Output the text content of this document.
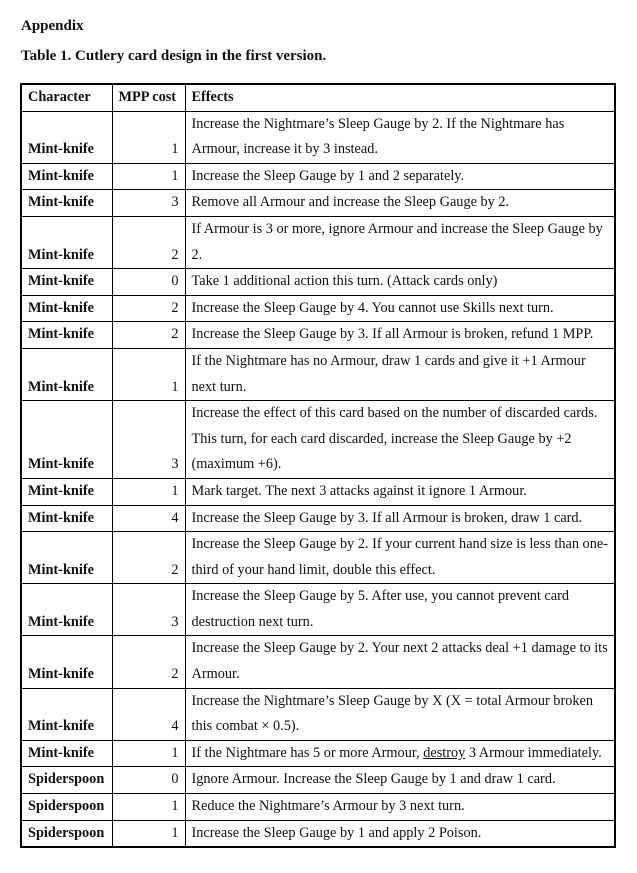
Appendix
Table 1. Cutlery card design in the first version.
Character	MPP cost	Effects
Mint-knife	1	Increase the Nightmare’s Sleep Gauge by 2. If the Nightmare has Armour, increase it by 3 instead.
Mint-knife	1	Increase the Sleep Gauge by 1 and 2 separately.
Mint-knife	3	Remove all Armour and increase the Sleep Gauge by 2.
Mint-knife	2	If Armour is 3 or more, ignore Armour and increase the Sleep Gauge by 2.
Mint-knife	0	Take 1 additional action this turn. (Attack cards only)
Mint-knife	2	Increase the Sleep Gauge by 4. You cannot use Skills next turn.
Mint-knife	2	Increase the Sleep Gauge by 3. If all Armour is broken, refund 1 MPP.
Mint-knife	1	If the Nightmare has no Armour, draw 1 cards and give it +1 Armour next turn.
Mint-knife	3	Increase the effect of this card based on the number of discarded cards. This turn, for each card discarded, increase the Sleep Gauge by +2 (maximum +6).
Mint-knife	1	Mark target. The next 3 attacks against it ignore 1 Armour.
Mint-knife	4	Increase the Sleep Gauge by 3. If all Armour is broken, draw 1 card.
Mint-knife	2	Increase the Sleep Gauge by 2. If your current hand size is less than one-third of your hand limit, double this effect.
Mint-knife	3	Increase the Sleep Gauge by 5. After use, you cannot prevent card destruction next turn.
Mint-knife	2	Increase the Sleep Gauge by 2. Your next 2 attacks deal +1 damage to its Armour.
Mint-knife	4	Increase the Nightmare’s Sleep Gauge by X (X = total Armour broken this combat × 0.5).
Mint-knife	1	If the Nightmare has 5 or more Armour, destroy 3 Armour immediately.
Spiderspoon	0	Ignore Armour. Increase the Sleep Gauge by 1 and draw 1 card.
Spiderspoon	1	Reduce the Nightmare’s Armour by 3 next turn.
Spiderspoon	1	Increase the Sleep Gauge by 1 and apply 2 Poison.
